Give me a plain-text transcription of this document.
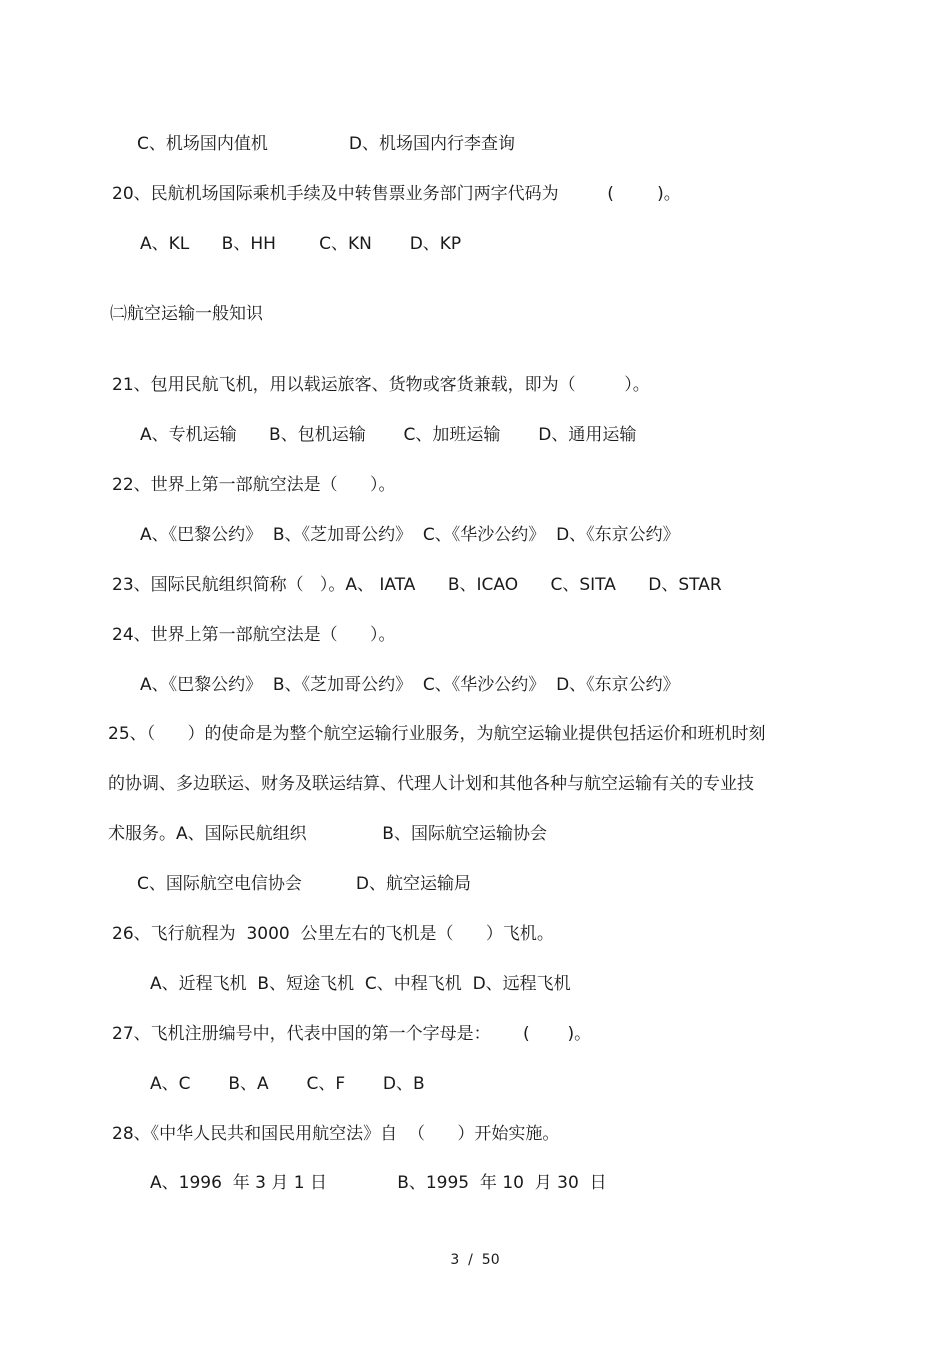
C、机场国内值机               D、机场国内行李查询
20、民航机场国际乘机手续及中转售票业务部门两字代码为         (        )。
A、KL      B、HH        C、KN       D、KP
㈡航空运输一般知识
21、包用民航飞机，用以载运旅客、货物或客货兼载，即为（         ）。
A、专机运输      B、包机运输       C、加班运输       D、通用运输
22、世界上第一部航空法是（      ）。
A、《巴黎公约》  B、《芝加哥公约》  C、《华沙公约》  D、《东京公约》
23、国际民航组织简称（   ）。A、 IATA      B、ICAO      C、SITA      D、STAR
24、世界上第一部航空法是（      ）。
A、《巴黎公约》  B、《芝加哥公约》  C、《华沙公约》  D、《东京公约》
25、（      ）的使命是为整个航空运输行业服务，为航空运输业提供包括运价和班机时刻
的协调、多边联运、财务及联运结算、代理人计划和其他各种与航空运输有关的专业技
术服务。A、国际民航组织              B、国际航空运输协会
C、国际航空电信协会          D、航空运输局
26、飞行航程为  3000  公里左右的飞机是（      ）飞机。
A、近程飞机  B、短途飞机  C、中程飞机  D、远程飞机
27、飞机注册编号中，代表中国的第一个字母是：      (       )。
A、C       B、A       C、F       D、B
28、《中华人民共和国民用航空法》自  （      ）开始实施。
A、1996  年 3 月 1 日             B、1995  年 10  月 30  日
3  /  50
